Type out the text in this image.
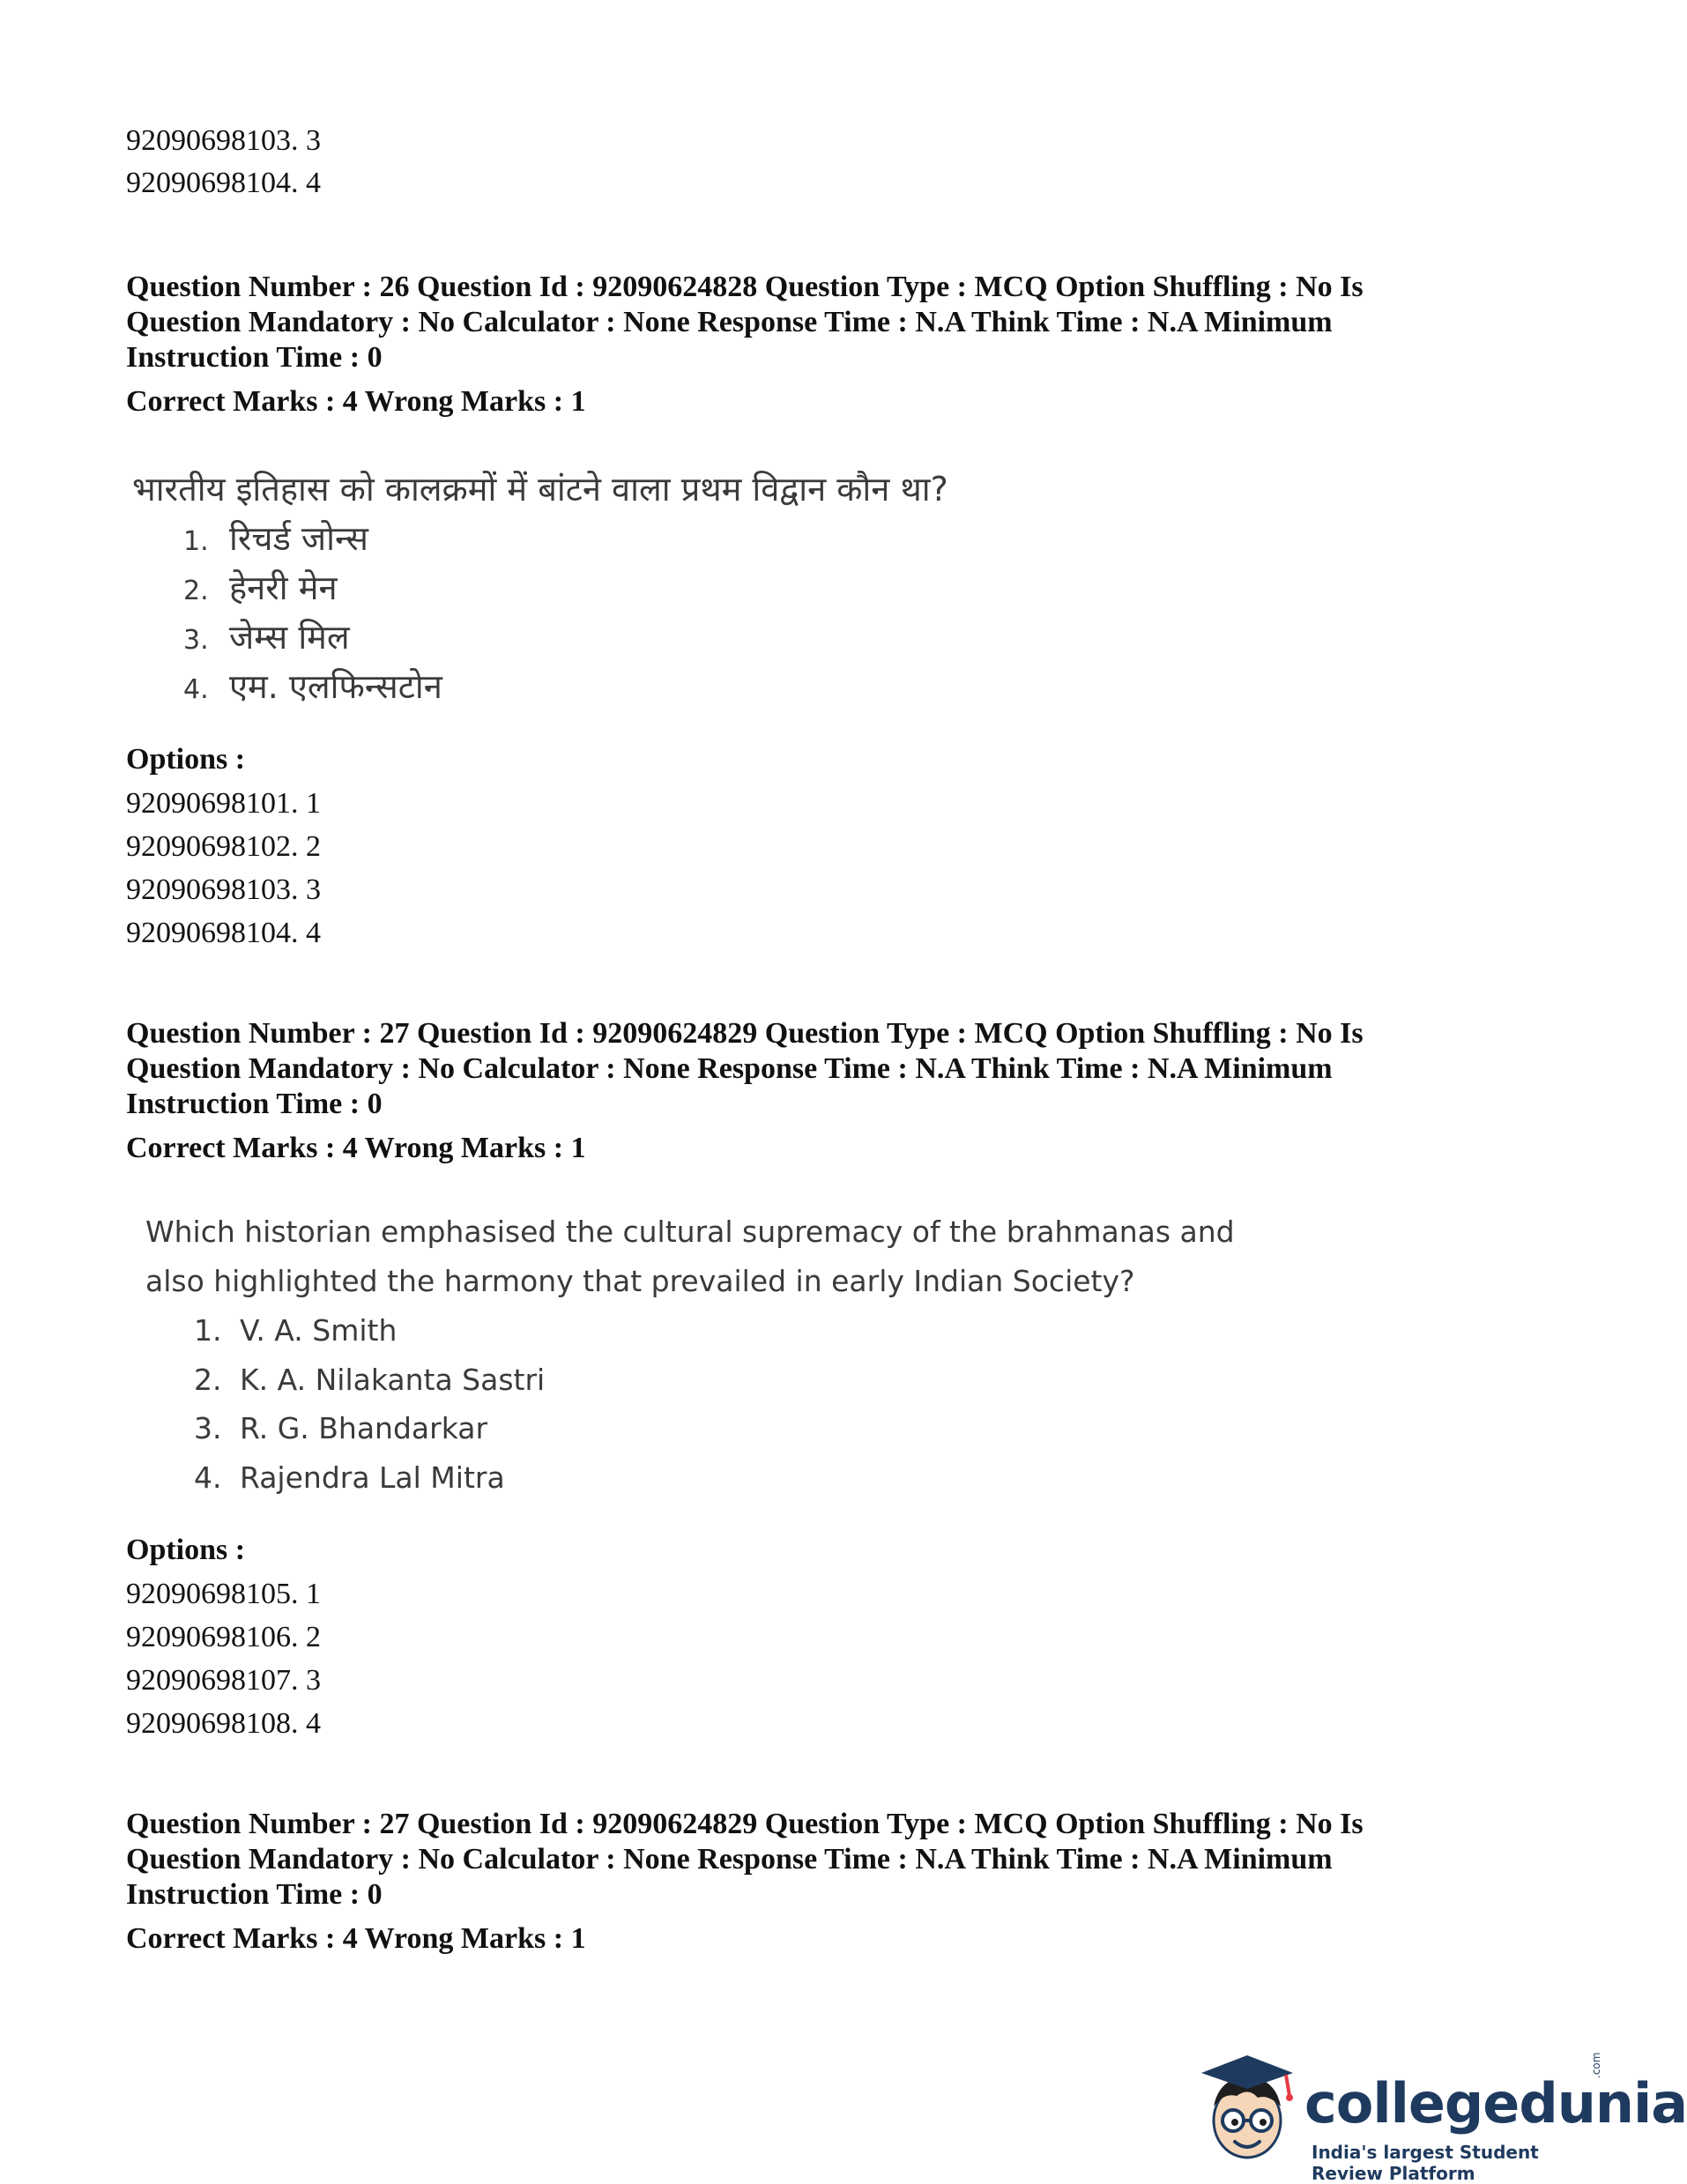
92090698103. 3
92090698104. 4
Question Number : 26 Question Id : 92090624828 Question Type : MCQ Option Shuffling : No Is
Question Mandatory : No Calculator : None Response Time : N.A Think Time : N.A Minimum
Instruction Time : 0
Correct Marks : 4 Wrong Marks : 1
भारतीय इतिहास को कालक्रमों में बांटने वाला प्रथम विद्वान कौन था?
1. रिचर्ड जोन्स
2. हेनरी मेन
3. जेम्स मिल
4. एम. एलफिन्सटोन
Options :
92090698101. 1
92090698102. 2
92090698103. 3
92090698104. 4
Question Number : 27 Question Id : 92090624829 Question Type : MCQ Option Shuffling : No Is
Question Mandatory : No Calculator : None Response Time : N.A Think Time : N.A Minimum
Instruction Time : 0
Correct Marks : 4 Wrong Marks : 1
Which historian emphasised the cultural supremacy of the brahmanas and
also highlighted the harmony that prevailed in early Indian Society?
1. V. A. Smith
2. K. A. Nilakanta Sastri
3. R. G. Bhandarkar
4. Rajendra Lal Mitra
Options :
92090698105. 1
92090698106. 2
92090698107. 3
92090698108. 4
Question Number : 27 Question Id : 92090624829 Question Type : MCQ Option Shuffling : No Is
Question Mandatory : No Calculator : None Response Time : N.A Think Time : N.A Minimum
Instruction Time : 0
Correct Marks : 4 Wrong Marks : 1
collegedunia
.com
India's largest Student Review Platform
